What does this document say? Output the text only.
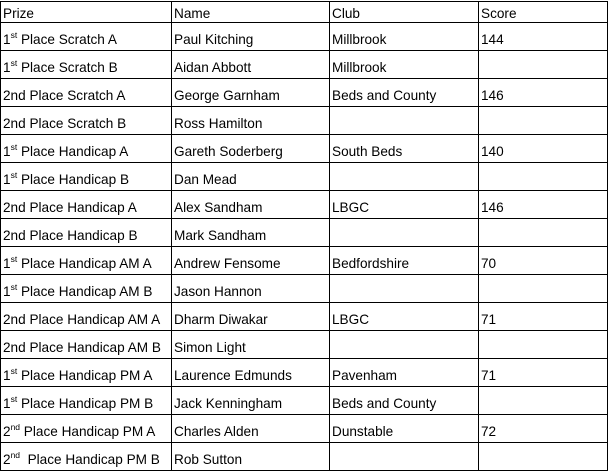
Prize	Name	Club	Score
1st Place Scratch A	Paul Kitching	Millbrook	144
1st Place Scratch B	Aidan Abbott	Millbrook	
2nd Place Scratch A	George Garnham	Beds and County	146
2nd Place Scratch B	Ross Hamilton		
1st Place Handicap A	Gareth Soderberg	South Beds	140
1st Place Handicap B	Dan Mead		
2nd Place Handicap A	Alex Sandham	LBGC	146
2nd Place Handicap B	Mark Sandham		
1st Place Handicap AM A	Andrew Fensome	Bedfordshire	70
1st Place Handicap AM B	Jason Hannon		
2nd Place Handicap AM A	Dharm Diwakar	LBGC	71
2nd Place Handicap AM B	Simon Light		
1st Place Handicap PM A	Laurence Edmunds	Pavenham	71
1st Place Handicap PM B	Jack Kenningham	Beds and County	
2nd Place Handicap PM A	Charles Alden	Dunstable	72
2nd  Place Handicap PM B	Rob Sutton		
